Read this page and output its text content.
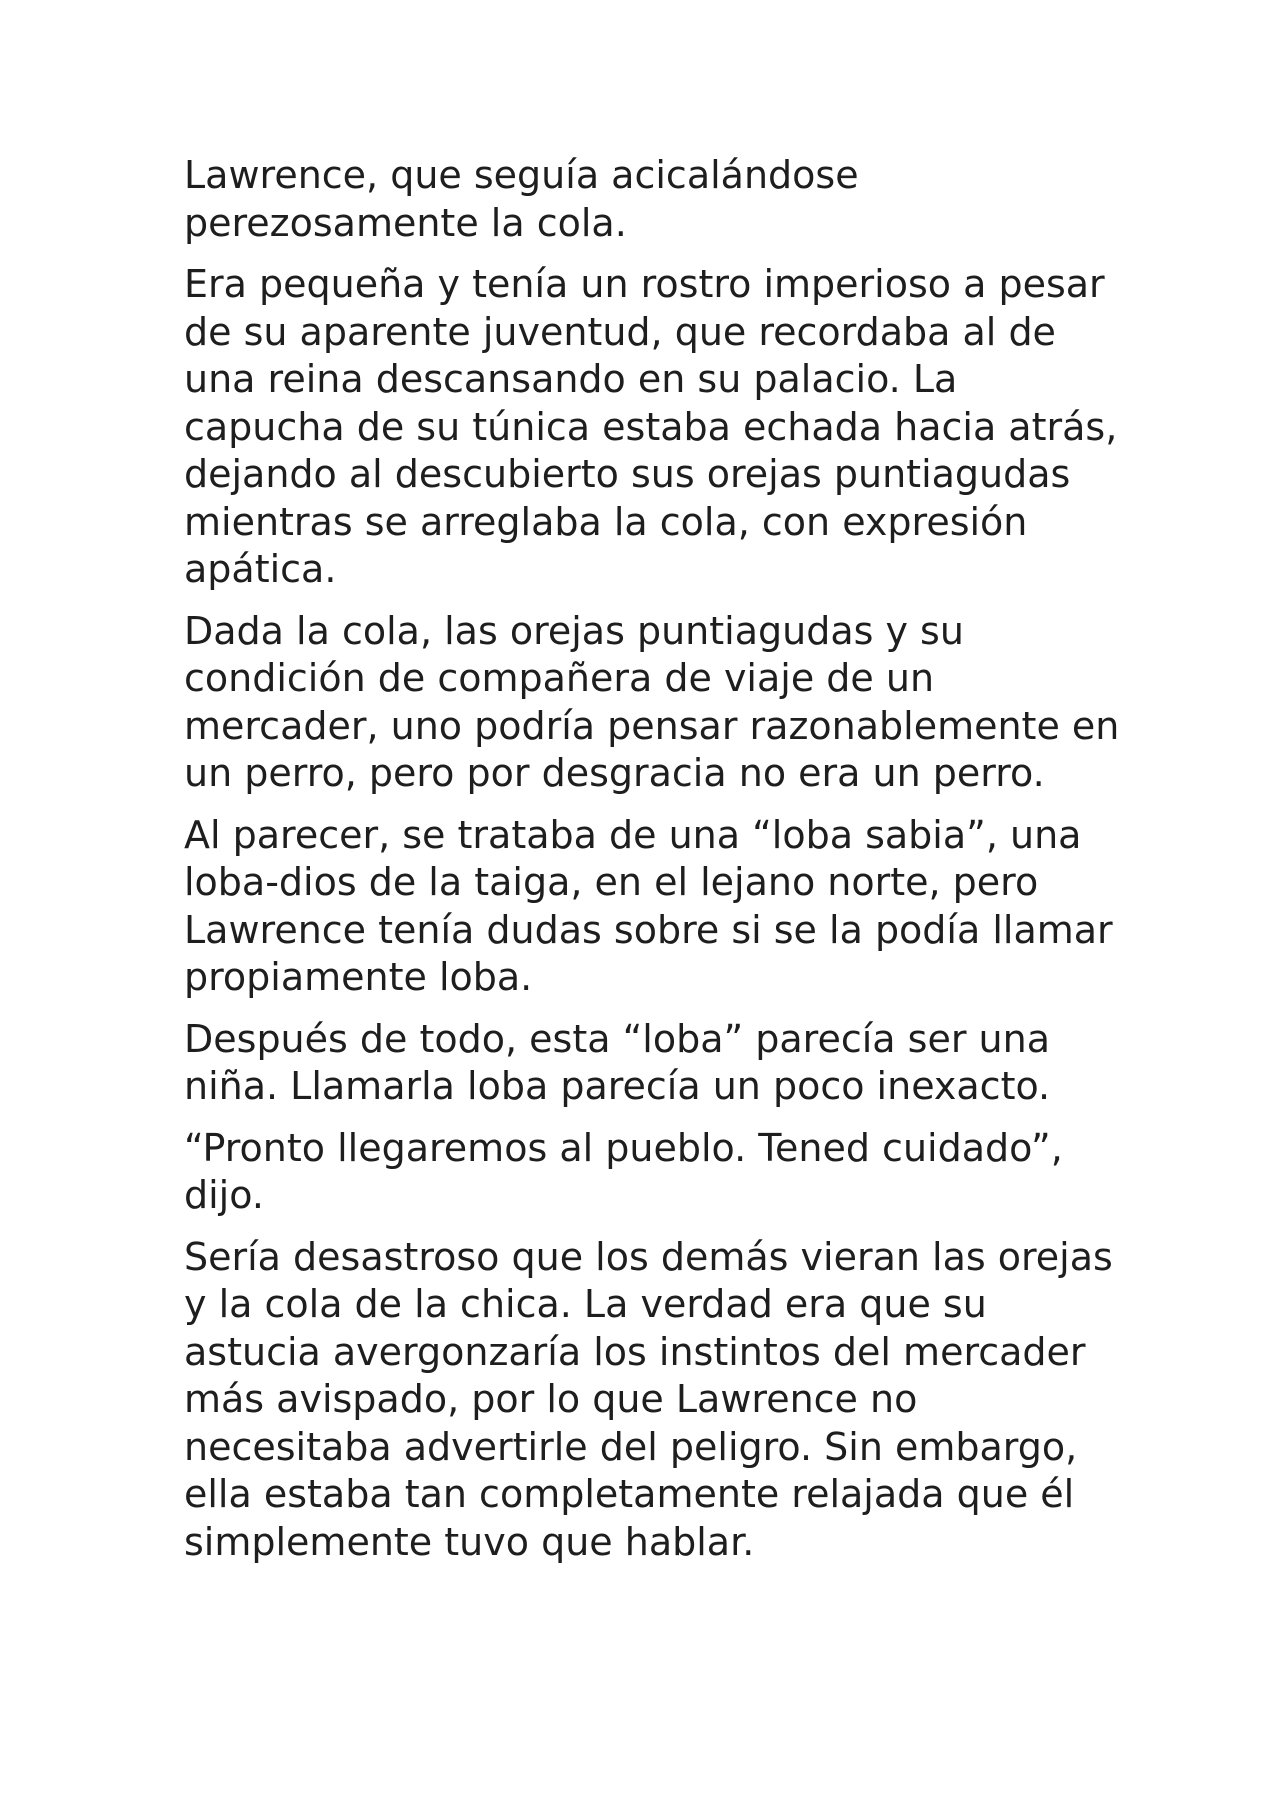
Lawrence, que seguía acicalándose perezosamente la cola.

Era pequeña y tenía un rostro imperioso a pesar de su aparente juventud, que recordaba al de una reina descansando en su palacio. La capucha de su túnica estaba echada hacia atrás, dejando al descubierto sus orejas puntiagudas mientras se arreglaba la cola, con expresión apática.

Dada la cola, las orejas puntiagudas y su condición de compañera de viaje de un mercader, uno podría pensar razonablemente en un perro, pero por desgracia no era un perro.

Al parecer, se trataba de una “loba sabia”, una loba-dios de la taiga, en el lejano norte, pero Lawrence tenía dudas sobre si se la podía llamar propiamente loba.

Después de todo, esta “loba” parecía ser una niña. Llamarla loba parecía un poco inexacto.

“Pronto llegaremos al pueblo. Tened cuidado”, dijo.

Sería desastroso que los demás vieran las orejas y la cola de la chica. La verdad era que su astucia avergonzaría los instintos del mercader más avispado, por lo que Lawrence no necesitaba advertirle del peligro. Sin embargo, ella estaba tan completamente relajada que él simplemente tuvo que hablar.
